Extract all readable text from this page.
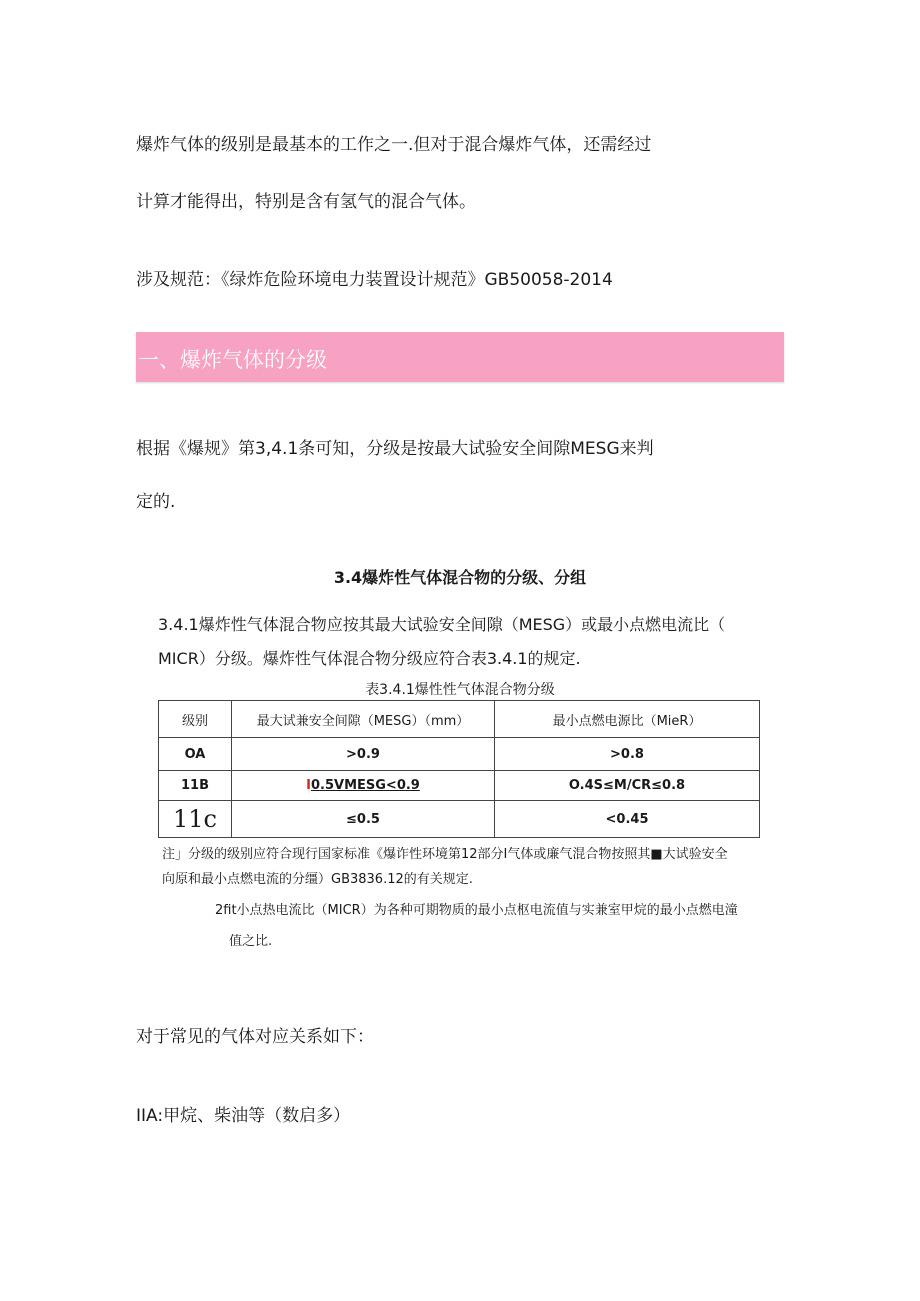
爆炸气体的级别是最基本的工作之一.但对于混合爆炸气体，还需经过

计算才能得出，特别是含有氢气的混合气体。

涉及规范：《绿炸危险环境电力装置设计规范》GB50058-2014

一、爆炸气体的分级

根据《爆规》第3,4.1条可知，分级是按最大试验安全间隙MESG来判

定的.

3.4爆炸性气体混合物的分级、分组
3.4.1爆炸性气体混合物应按其最大试验安全间隙（MESG）或最小点燃电流比（
MICR）分级。爆炸性气体混合物分级应符合表3.4.1的规定.
表3.4.1爆性性气体混合物分级
级别	最大试兼安全间隙（MESG）（mm）	最小点燃电源比（MieR）
OA	>0.9	>0.8
11B	I0.5VMESG<0.9	O.4S≤M/CR≤0.8
11c	≤0.5	<0.45
注」分级的级别应符合现行国家标准《爆诈性环境第12部分I气体或廉气混合物按照其■大试验安全
向原和最小点燃电流的分缰）GB3836.12的有关规定.
2fit小点热电流比（MICR）为各种可期物质的最小点枢电流值与实兼室甲烷的最小点燃电潼
值之比.

对于常见的气体对应关系如下：

IIA:甲烷、柴油等（数启多）
